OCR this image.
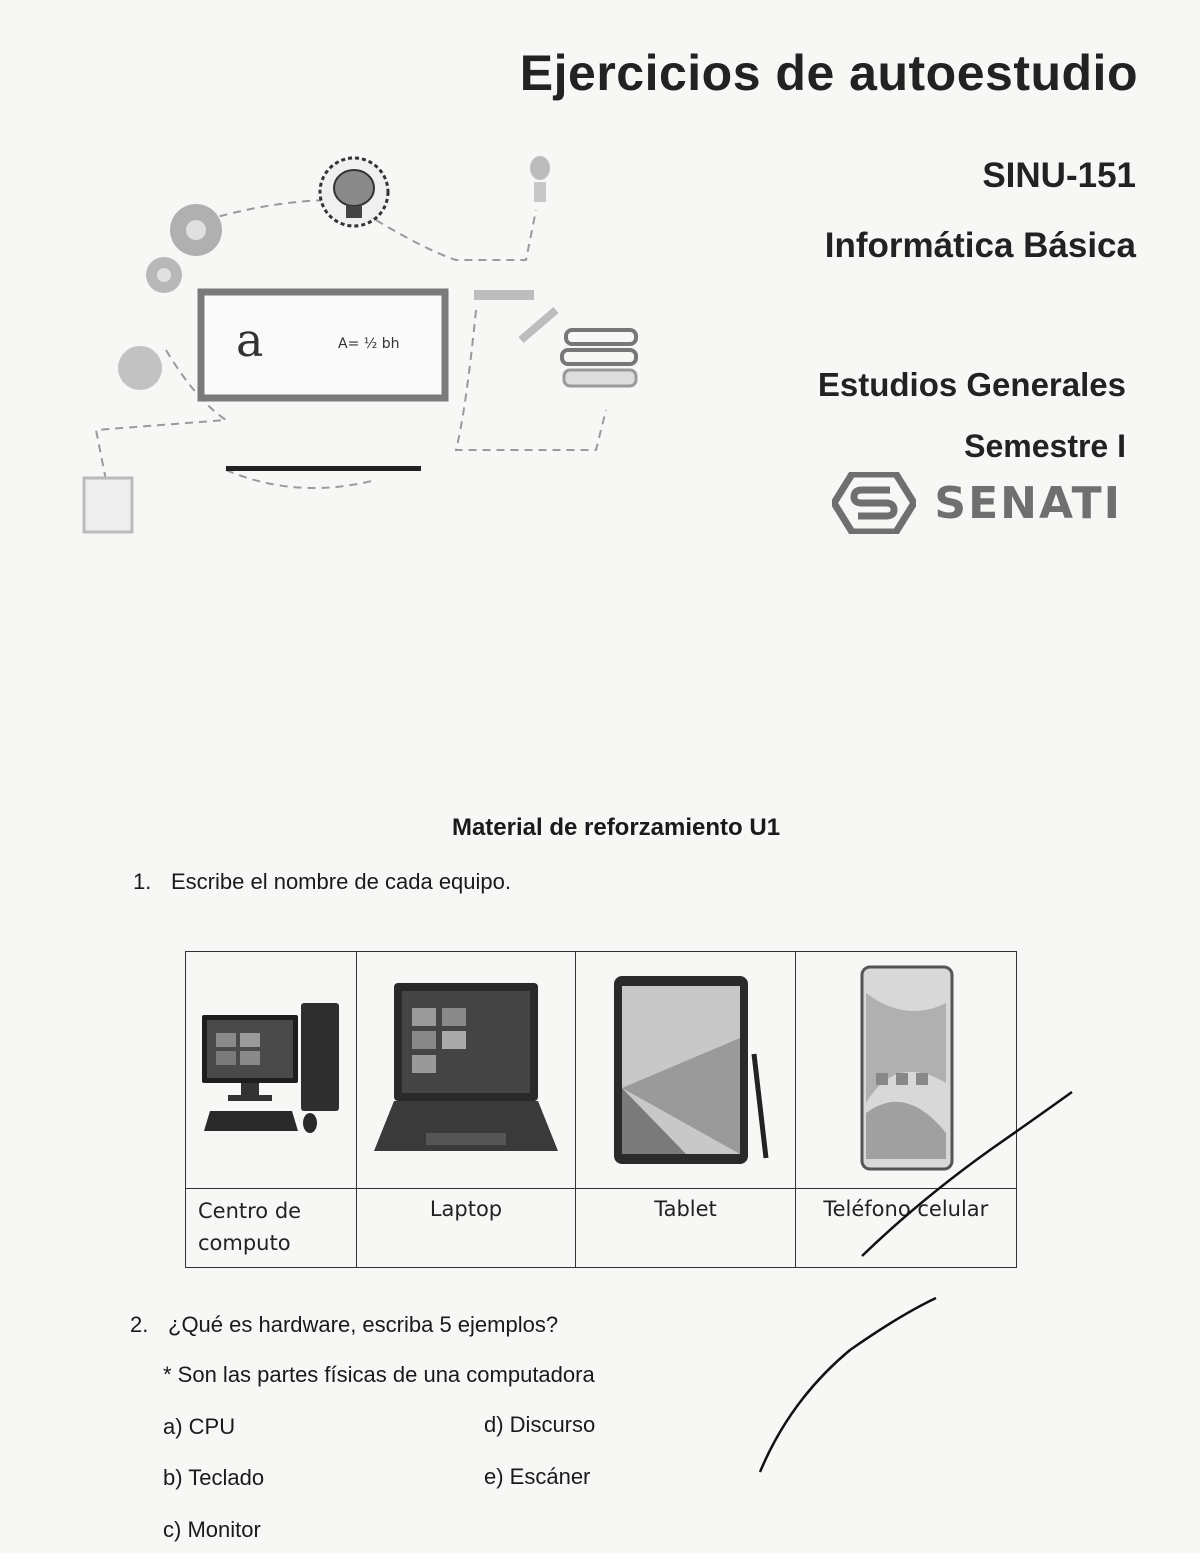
Ejercicios de autoestudio
SINU-151
Informática Básica
Estudios Generales
Semestre I
SENATI
a	A= ½ bh
Material de reforzamiento U1
1. Escribe el nombre de cada equipo.

Centro de
computo	Laptop	Tablet	Teléfono celular
2. ¿Qué es hardware, escriba 5 ejemplos?
* Son las partes físicas de una computadora
a) CPU
b) Teclado
c) Monitor
d) Discurso
e) Escáner
